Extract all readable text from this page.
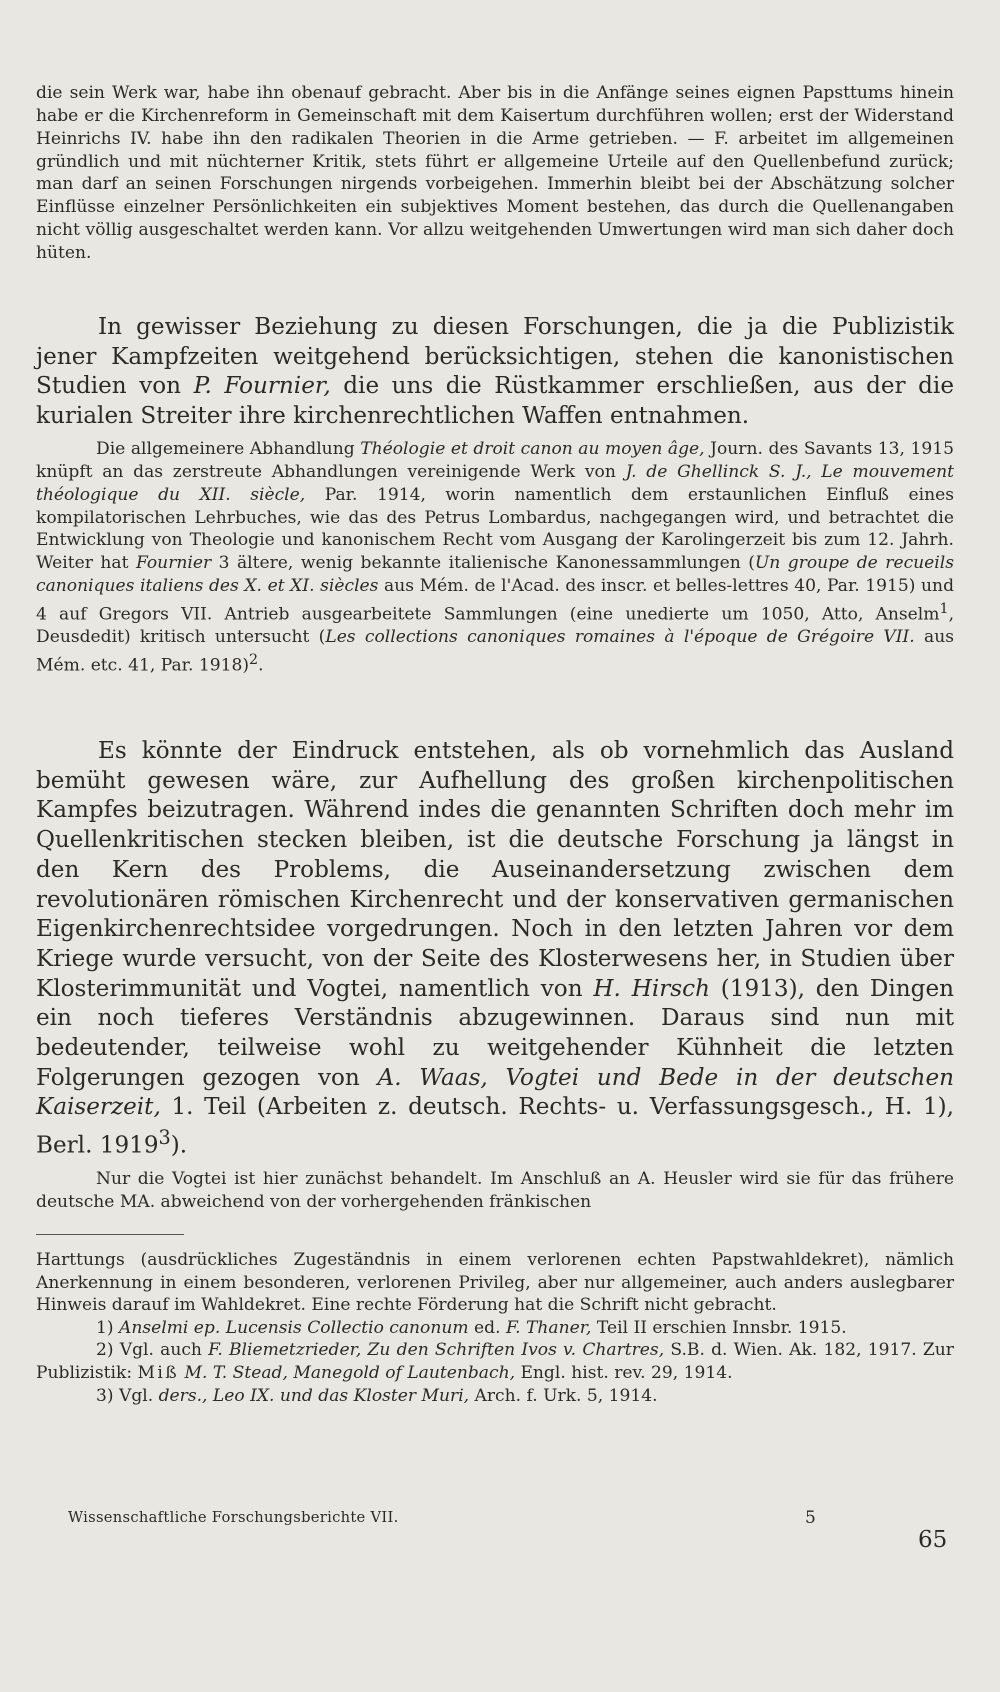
die sein Werk war, habe ihn obenauf gebracht. Aber bis in die Anfänge seines eignen Papsttums hinein habe er die Kirchenreform in Gemeinschaft mit dem Kaisertum durchführen wollen; erst der Widerstand Heinrichs IV. habe ihn den radikalen Theorien in die Arme getrieben. — F. arbeitet im allgemeinen gründlich und mit nüchterner Kritik, stets führt er allgemeine Urteile auf den Quellenbefund zurück; man darf an seinen Forschungen nirgends vorbeigehen. Immerhin bleibt bei der Abschätzung solcher Einflüsse einzelner Persönlichkeiten ein subjektives Moment bestehen, das durch die Quellenangaben nicht völlig ausgeschaltet werden kann. Vor allzu weitgehenden Umwertungen wird man sich daher doch hüten.

In gewisser Beziehung zu diesen Forschungen, die ja die Publizistik jener Kampfzeiten weitgehend berücksichtigen, stehen die kanonistischen Studien von P. Fournier, die uns die Rüstkammer erschließen, aus der die kurialen Streiter ihre kirchenrechtlichen Waffen entnahmen.

Die allgemeinere Abhandlung Théologie et droit canon au moyen âge, Journ. des Savants 13, 1915 knüpft an das zerstreute Abhandlungen vereinigende Werk von J. de Ghellinck S. J., Le mouvement théologique du XII. siècle, Par. 1914, worin namentlich dem erstaunlichen Einfluß eines kompilatorischen Lehrbuches, wie das des Petrus Lombardus, nachgegangen wird, und betrachtet die Entwicklung von Theologie und kanonischem Recht vom Ausgang der Karolingerzeit bis zum 12. Jahrh. Weiter hat Fournier 3 ältere, wenig bekannte italienische Kanonessammlungen (Un groupe de recueils canoniques italiens des X. et XI. siècles aus Mém. de l'Acad. des inscr. et belles-lettres 40, Par. 1915) und 4 auf Gregors VII. Antrieb ausgearbeitete Sammlungen (eine unedierte um 1050, Atto, Anselm$^1$, Deusdedit) kritisch untersucht (Les collections canoniques romaines à l'époque de Grégoire VII. aus Mém. etc. 41, Par. 1918)$^2$.

Es könnte der Eindruck entstehen, als ob vornehmlich das Ausland bemüht gewesen wäre, zur Aufhellung des großen kirchenpolitischen Kampfes beizutragen. Während indes die genannten Schriften doch mehr im Quellenkritischen stecken bleiben, ist die deutsche Forschung ja längst in den Kern des Problems, die Auseinandersetzung zwischen dem revolutionären römischen Kirchenrecht und der konservativen germanischen Eigenkirchenrechtsidee vorgedrungen. Noch in den letzten Jahren vor dem Kriege wurde versucht, von der Seite des Klosterwesens her, in Studien über Klosterimmunität und Vogtei, namentlich von H. Hirsch (1913), den Dingen ein noch tieferes Verständnis abzugewinnen. Daraus sind nun mit bedeutender, teilweise wohl zu weitgehender Kühnheit die letzten Folgerungen gezogen von A. Waas, Vogtei und Bede in der deutschen Kaiserzeit, 1. Teil (Arbeiten z. deutsch. Rechts- u. Verfassungsgesch., H. 1), Berl. 1919$^3$).

Nur die Vogtei ist hier zunächst behandelt. Im Anschluß an A. Heusler wird sie für das frühere deutsche MA. abweichend von der vorhergehenden fränkischen

Harttungs (ausdrückliches Zugeständnis in einem verlorenen echten Papstwahldekret), nämlich Anerkennung in einem besonderen, verlorenen Privileg, aber nur allgemeiner, auch anders auslegbarer Hinweis darauf im Wahldekret. Eine rechte Förderung hat die Schrift nicht gebracht.

1) Anselmi ep. Lucensis Collectio canonum ed. F. Thaner, Teil II erschien Innsbr. 1915.

2) Vgl. auch F. Bliemetzrieder, Zu den Schriften Ivos v. Chartres, S.B. d. Wien. Ak. 182, 1917. Zur Publizistik: Miß M. T. Stead, Manegold of Lautenbach, Engl. hist. rev. 29, 1914.

3) Vgl. ders., Leo IX. und das Kloster Muri, Arch. f. Urk. 5, 1914.

Wissenschaftliche Forschungsberichte VII.	5
65
